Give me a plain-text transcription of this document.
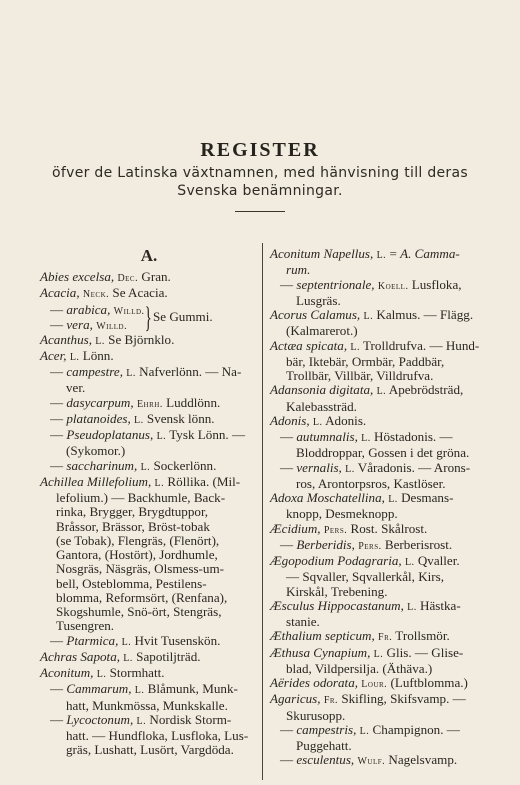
REGISTER
öfver de Latinska växtnamnen, med hänvisning till deras
Svenska benämningar.
A.
Abies excelsa, Dec. Gran.
Acacia, Neck. Se Acacia.
— arabica, Willd.
— vera, Willd. } Se Gummi.
Acanthus, L. Se Björnklo.
Acer, L. Lönn.
— campestre, L. Nafverlönn. — Na-
ver.
— dasycarpum, Ehrh. Luddlönn.
— platanoides, L. Svensk lönn.
— Pseudoplatanus, L. Tysk Lönn. —
(Sykomor.)
— saccharinum, L. Sockerlönn.
Achillea Millefolium, L. Röllika. (Mil-
lefolium.) — Backhumle, Back-
rinka, Brygger, Brygdtuppor,
Bråssor, Brässor, Bröst-tobak
(se Tobak), Flengräs, (Flenört),
Gantora, (Hostört), Jordhumle,
Nosgräs, Näsgräs, Olsmess-um-
bell, Osteblomma, Pestilens-
blomma, Reformsört, (Renfana),
Skogshumle, Snö-ört, Stengräs,
Tusengren.
— Ptarmica, L. Hvit Tusenskön.
Achras Sapota, L. Sapotiljträd.
Aconitum, L. Stormhatt.
— Cammarum, L. Blåmunk, Munk-
hatt, Munkmössa, Munkskalle.
— Lycoctonum, L. Nordisk Storm-
hatt. — Hundfloka, Lusfloka, Lus-
gräs, Lushatt, Lusört, Vargdöda.
Aconitum Napellus, L. = A. Camma-
rum.
— septentrionale, Koell. Lusfloka,
Lusgräs.
Acorus Calamus, L. Kalmus. — Flägg.
(Kalmarerot.)
Actæa spicata, L. Trolldrufva. — Hund-
bär, Iktebär, Ormbär, Paddbär,
Trollbär, Villbär, Villdrufva.
Adansonia digitata, L. Apebrödsträd,
Kalebassträd.
Adonis, L. Adonis.
— autumnalis, L. Höstadonis. —
Bloddroppar, Gossen i det gröna.
— vernalis, L. Våradonis. — Arons-
ros, Arontorpsros, Kastlöser.
Adoxa Moschatellina, L. Desmans-
knopp, Desmeknopp.
Æcidium, Pers. Rost. Skålrost.
— Berberidis, Pers. Berberisrost.
Ægopodium Podagraria, L. Qvaller.
— Sqvaller, Sqvallerkål, Kirs,
Kirskål, Trebening.
Æsculus Hippocastanum, L. Hästka-
stanie.
Æthalium septicum, Fr. Trollsmör.
Æthusa Cynapium, L. Glis. — Glise-
blad, Vildpersilja. (Äthäva.)
Aërides odorata, Lour. (Luftblomma.)
Agaricus, Fr. Skifling, Skifsvamp. —
Skurusopp.
— campestris, L. Champignon. —
Puggehatt.
— esculentus, Wulf. Nagelsvamp.
